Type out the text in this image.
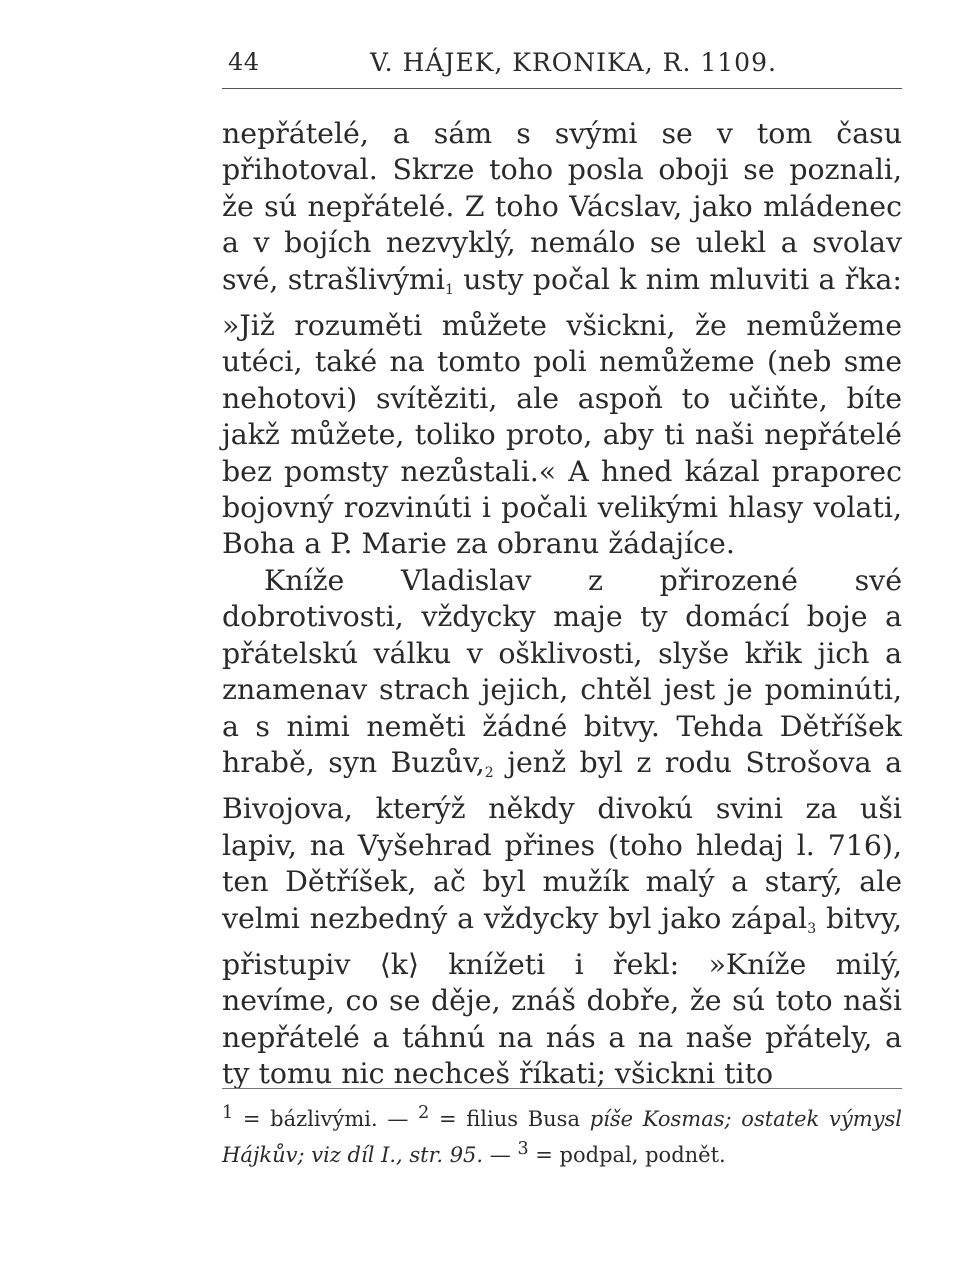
44	V. HÁJEK, KRONIKA, R. 1109.

nepřátelé, a sám s svými se v tom času přihotoval. Skrze toho posla oboji se poznali, že sú nepřátelé. Z toho Vácslav, jako mládenec a v bojích nezvyklý, nemálo se ulekl a svolav své, strašlivými$_1$ usty počal k nim mluviti a řka: »Již rozuměti můžete všickni, že nemůžeme utéci, také na tomto poli nemůžeme (neb sme nehotovi) svítěziti, ale aspoň to učiňte, bíte jakž můžete, toliko proto, aby ti naši nepřátelé bez pomsty nezůstali.« A hned kázal praporec bojovný rozvinúti i počali velikými hlasy volati, Boha a P. Marie za obranu žádajíce.

Kníže Vladislav z přirozené své dobrotivosti, vždycky maje ty domácí boje a přátelskú válku v ošklivosti, slyše křik jich a znamenav strach jejich, chtěl jest je pominúti, a s nimi neměti žádné bitvy. Tehda Dětříšek hrabě, syn $Buzův,_2$ jenž byl z rodu Strošova a Bivojova, kterýž někdy divokú svini za uši lapiv, na Vyšehrad přines (toho hledaj l. 716), ten Dětříšek, ač byl mužík malý a starý, ale velmi nezbedný a vždycky byl jako zápal$_3$ bitvy, přistupiv ⟨k⟩ knížeti i řekl: »Kníže milý, nevíme, co se děje, znáš dobře, že sú toto naši nepřátelé a táhnú na nás a na naše přátely, a ty tomu nic nechceš říkati; všickni tito

$^1$ = bázlivými. — $^2$ = filius Busa píše Kosmas; ostatek výmysl Hájkův; viz díl I., str. 95. — $^3$ = podpal, podnět.
